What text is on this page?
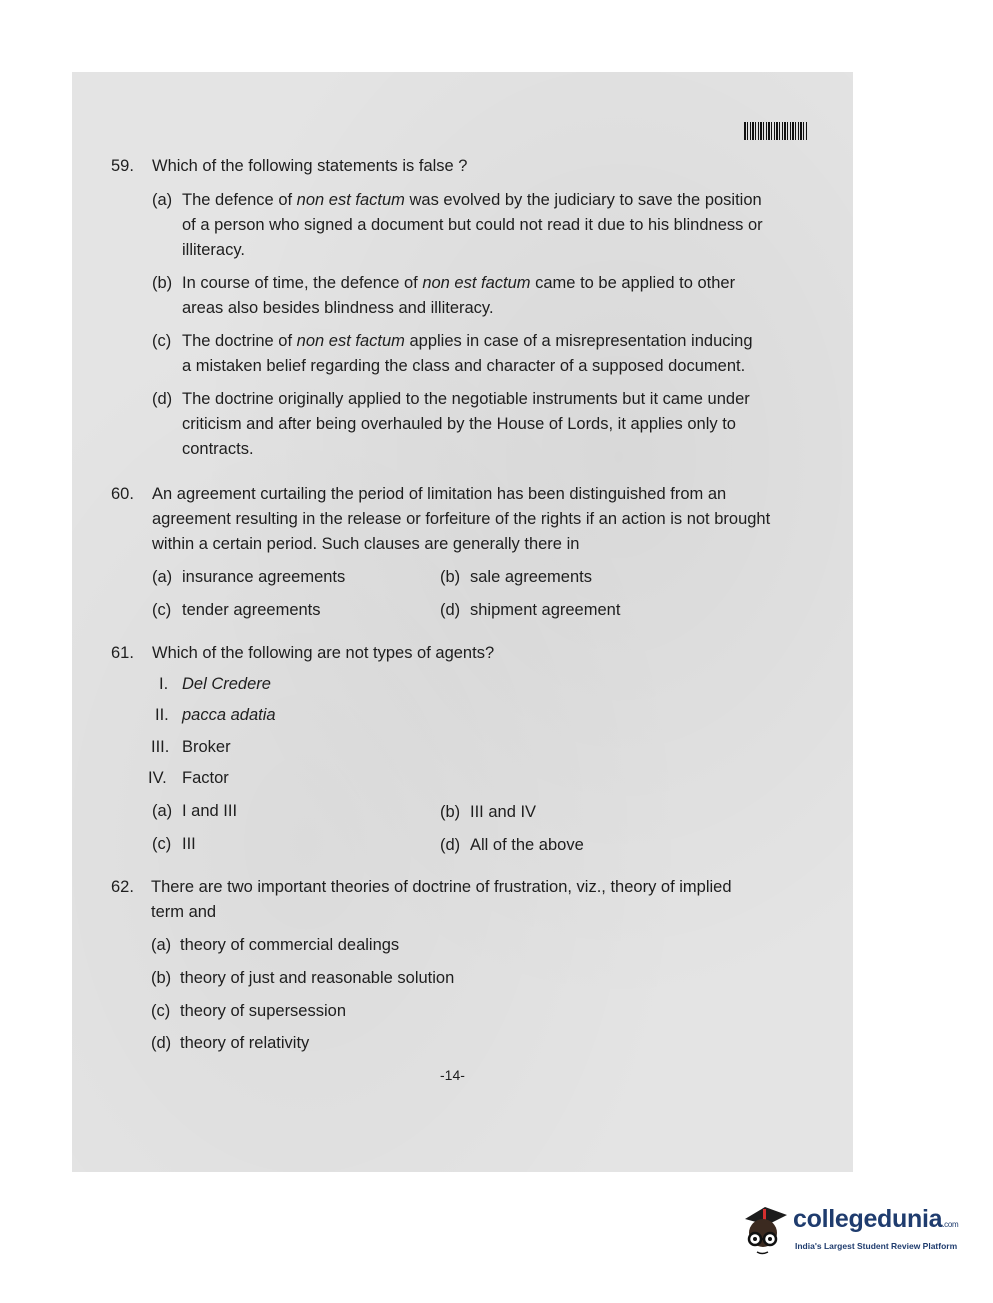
59. Which of the following statements is false ?
(a) The defence of non est factum was evolved by the judiciary to save the position
of a person who signed a document but could not read it due to his blindness or
illiteracy.
(b) In course of time, the defence of non est factum came to be applied to other
areas also besides blindness and illiteracy.
(c) The doctrine of non est factum applies in case of a misrepresentation inducing
a mistaken belief regarding the class and character of a supposed document.
(d) The doctrine originally applied to the negotiable instruments but it came under
criticism and after being overhauled by the House of Lords, it applies only to
contracts.
60. An agreement curtailing the period of limitation has been distinguished from an
agreement resulting in the release or forfeiture of the rights if an action is not brought
within a certain period. Such clauses are generally there in
(a) insurance agreements	(b) sale agreements
(c) tender agreements	(d) shipment agreement
61. Which of the following are not types of agents?
I. Del Credere
II. pacca adatia
III. Broker
IV. Factor
(a) I and III	(b) III and IV
(c) III	(d) All of the above
62. There are two important theories of doctrine of frustration, viz., theory of implied
term and
(a) theory of commercial dealings
(b) theory of just and reasonable solution
(c) theory of supersession
(d) theory of relativity
-14-
collegedunia.com
India's Largest Student Review Platform
